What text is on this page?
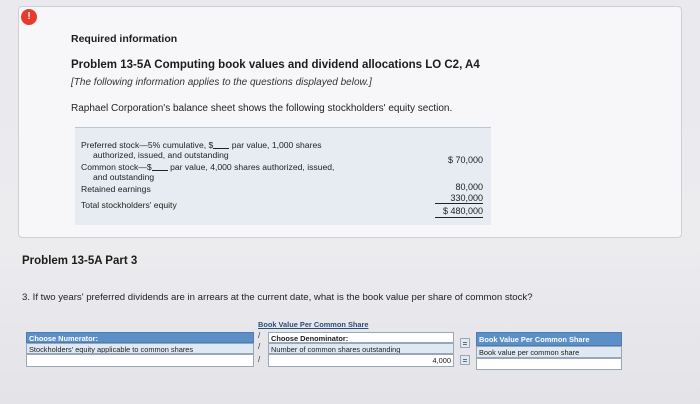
!
Required information
Problem 13-5A Computing book values and dividend allocations LO C2, A4
[The following information applies to the questions displayed below.]
Raphael Corporation's balance sheet shows the following stockholders' equity section.
Preferred stock—5% cumulative, $ par value, 1,000 shares
authorized, issued, and outstanding	$ 70,000
Common stock—$ par value, 4,000 shares authorized, issued,
and outstanding
80,000
Retained earnings
330,000
Total stockholders' equity
$ 480,000
Problem 13-5A Part 3
3. If two years' preferred dividends are in arrears at the current date, what is the book value per share of common stock?
Book Value Per Common Share
Choose Numerator:
Stockholders' equity applicable to common shares
/
/
/
Choose Denominator:
Number of common shares outstanding
4,000
=
=
Book Value Per Common Share
Book value per common share
